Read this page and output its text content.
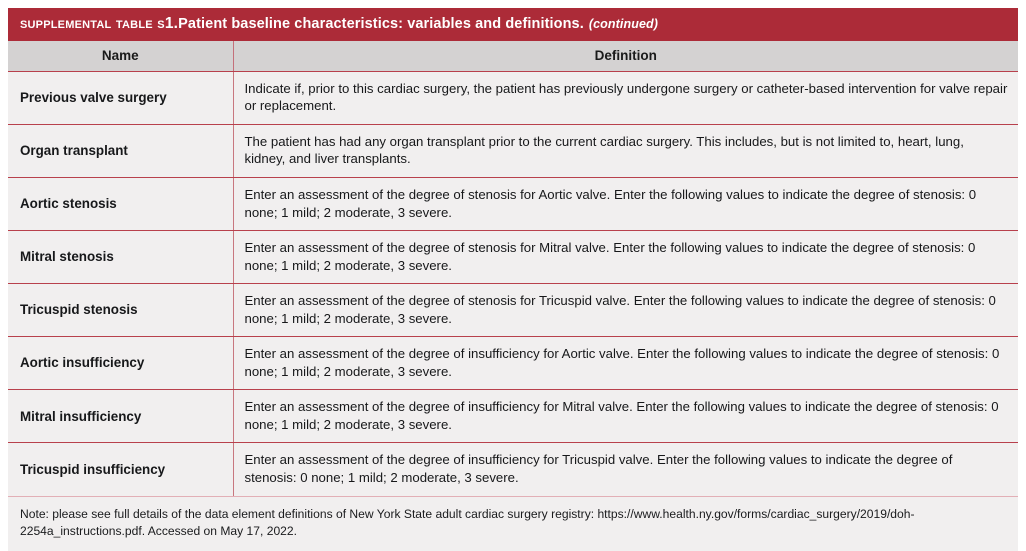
supplemental table s1.Patient baseline characteristics: variables and definitions. (continued)
Name	Definition
Previous valve surgery	Indicate if, prior to this cardiac surgery, the patient has previously undergone surgery or catheter-based intervention for valve repair or replacement.
Organ transplant	The patient has had any organ transplant prior to the current cardiac surgery. This includes, but is not limited to, heart, lung, kidney, and liver transplants.
Aortic stenosis	Enter an assessment of the degree of stenosis for Aortic valve. Enter the following values to indicate the degree of stenosis: 0 none; 1 mild; 2 moderate, 3 severe.
Mitral stenosis	Enter an assessment of the degree of stenosis for Mitral valve. Enter the following values to indicate the degree of stenosis: 0 none; 1 mild; 2 moderate, 3 severe.
Tricuspid stenosis	Enter an assessment of the degree of stenosis for Tricuspid valve. Enter the following values to indicate the degree of stenosis: 0 none; 1 mild; 2 moderate, 3 severe.
Aortic insufficiency	Enter an assessment of the degree of insufficiency for Aortic valve. Enter the following values to indicate the degree of stenosis: 0 none; 1 mild; 2 moderate, 3 severe.
Mitral insufficiency	Enter an assessment of the degree of insufficiency for Mitral valve. Enter the following values to indicate the degree of stenosis: 0 none; 1 mild; 2 moderate, 3 severe.
Tricuspid insufficiency	Enter an assessment of the degree of insufficiency for Tricuspid valve. Enter the following values to indicate the degree of stenosis: 0 none; 1 mild; 2 moderate, 3 severe.
Note: please see full details of the data element definitions of New York State adult cardiac surgery registry: https://www.health.ny.gov/forms/cardiac_surgery/2019/doh-2254a_instructions.pdf. Accessed on May 17, 2022.
